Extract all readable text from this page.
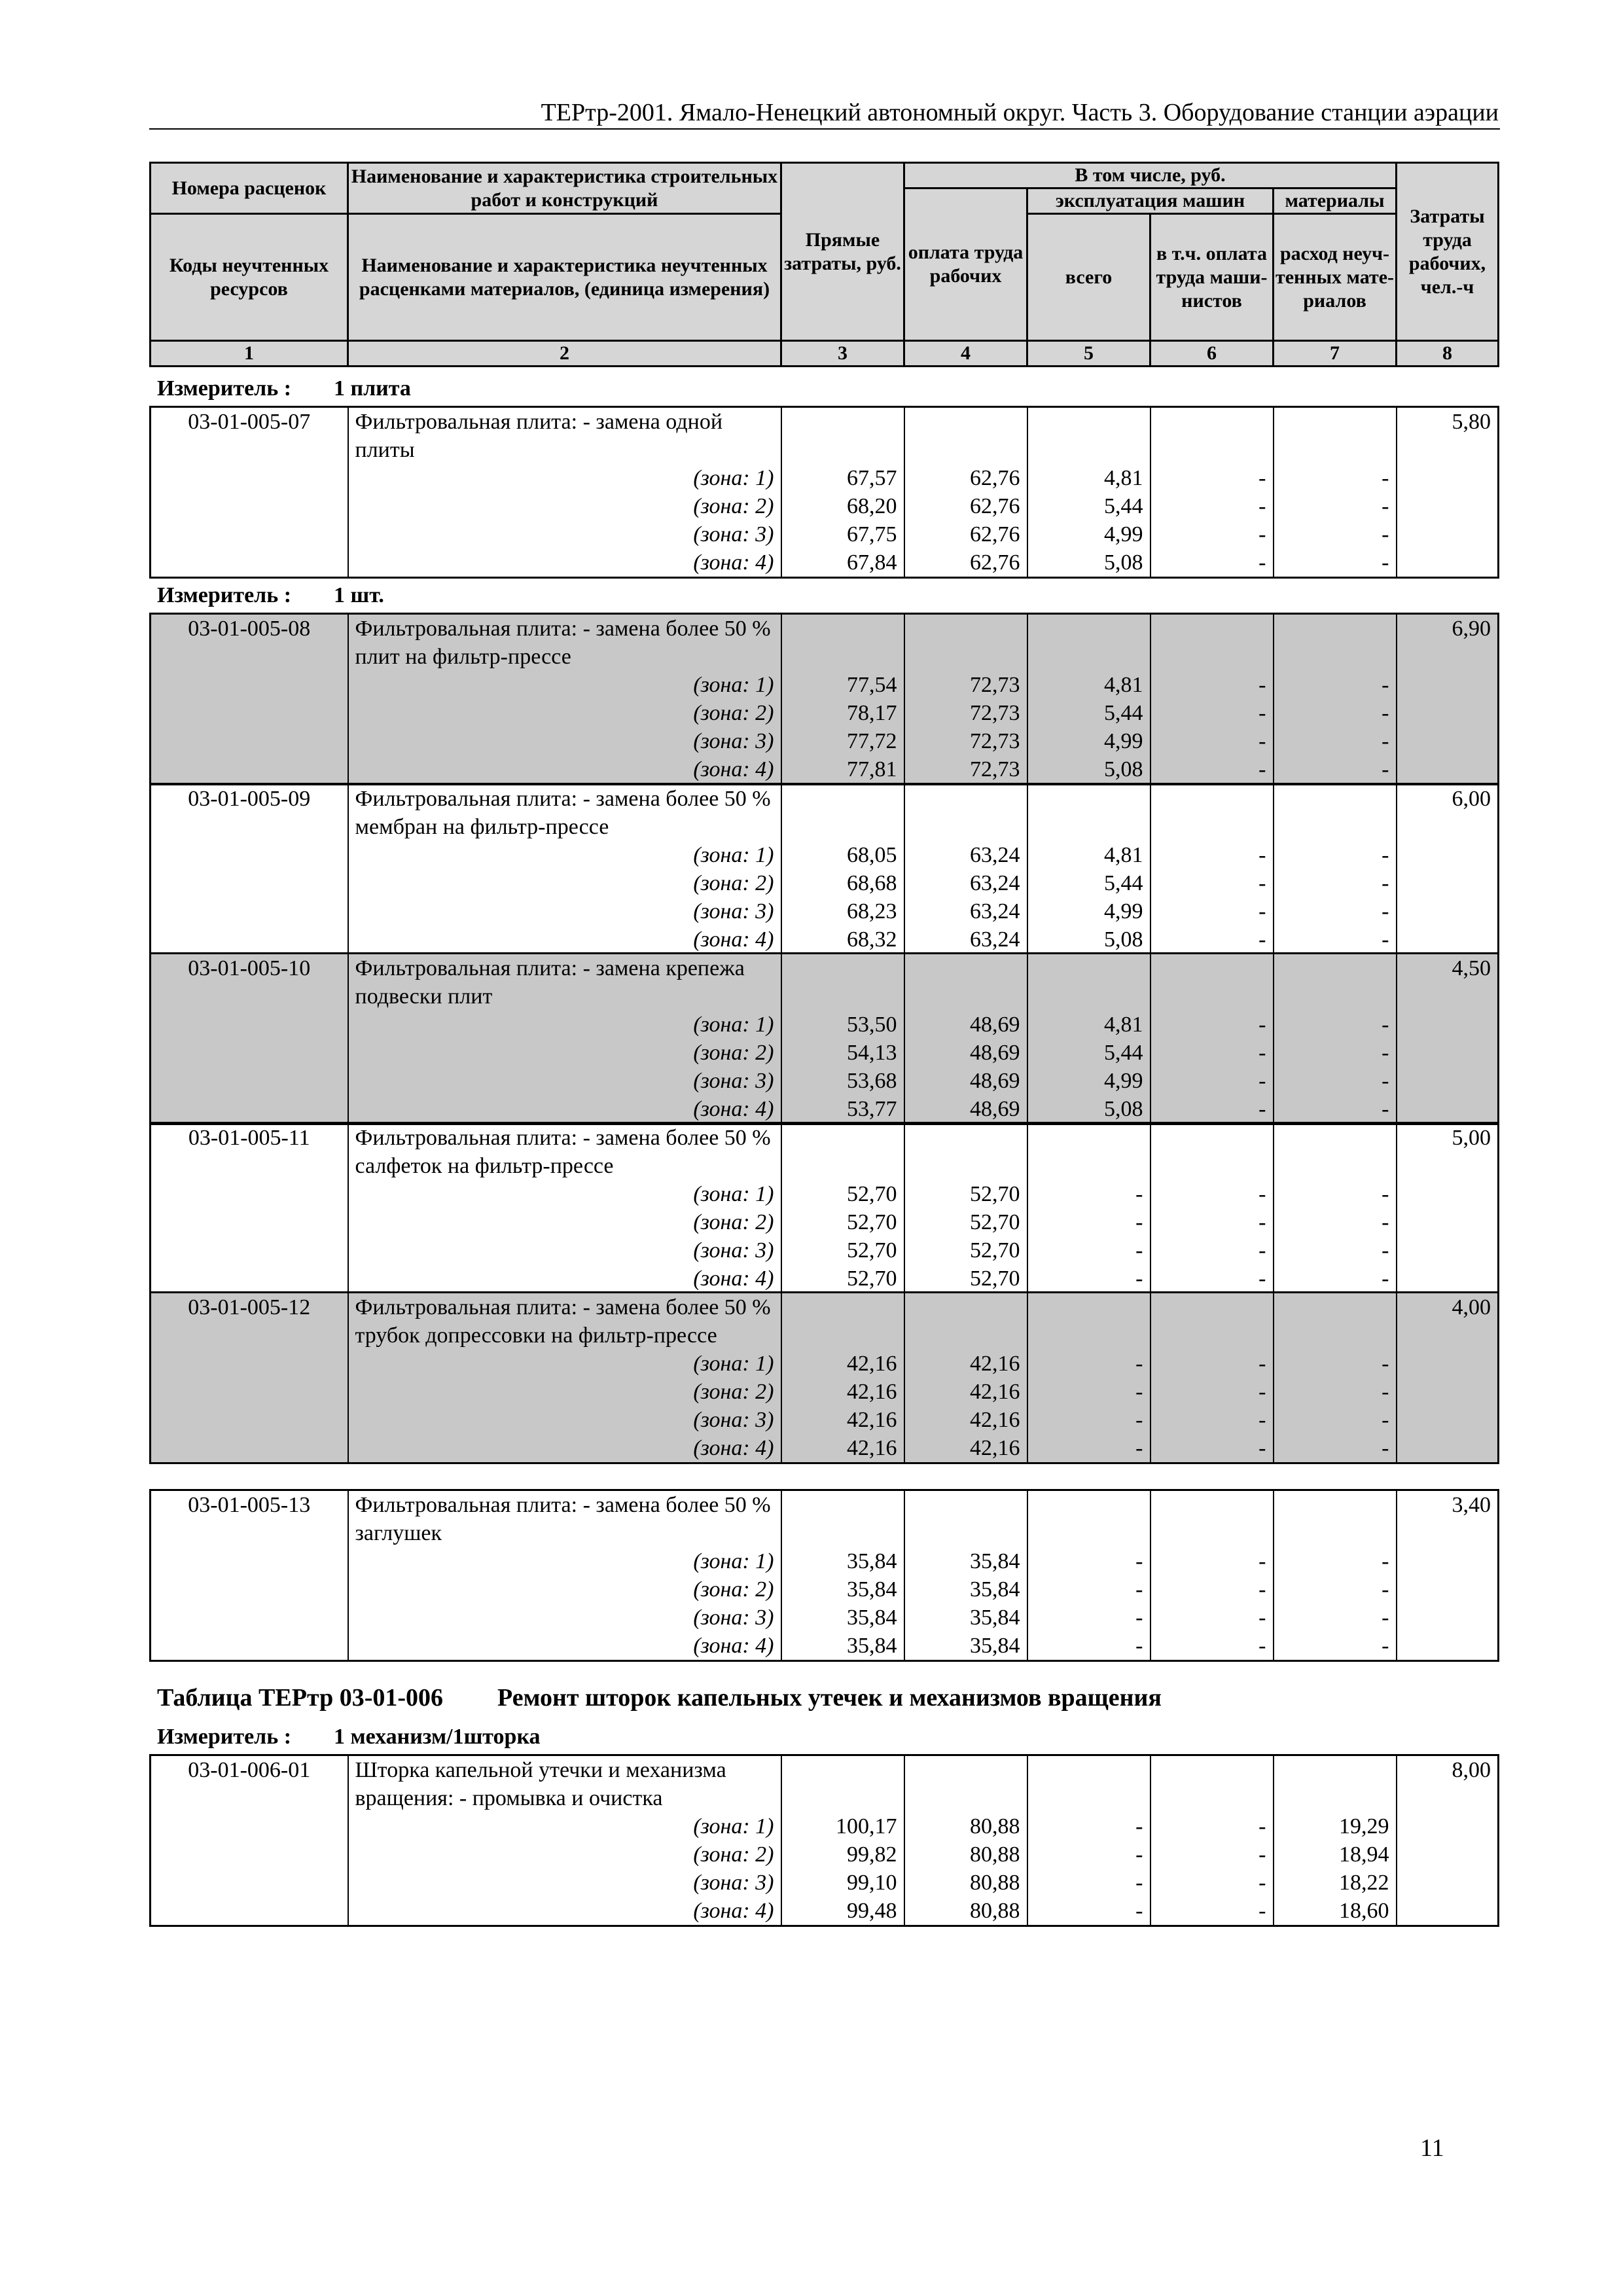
ТЕРтр-2001. Ямало-Ненецкий автономный округ. Часть 3. Оборудование станции аэрации
Номера расценок	Наименование и характеристика строительных работ и конструкций	Прямые затраты, руб.	В том числе, руб.				Затраты труда рабочих, чел.-ч
			оплата труда рабочих	эксплуатация машин		материалы	
Коды неучтенных ресурсов	Наименование и характеристика неучтенных расценками материалов, (единица измерения)			всего	в т.ч. оплата труда маши-нистов	расход неуч-тенных мате-риалов	

1	2	3	4	5	6	7	8
Измеритель : 1 плита
Измеритель : 1 шт.
Таблица ТЕРтр 03-01-006 Ремонт шторок капельных утечек и механизмов вращения
Измеритель : 1 механизм/1шторка
03-01-005-07	Фильтровальная плита: - замена одной плиты						5,80
	(зона: 1)	67,57	62,76	4,81	-	-	
	(зона: 2)	68,20	62,76	5,44	-	-	
	(зона: 3)	67,75	62,76	4,99	-	-	
	(зона: 4)	67,84	62,76	5,08	-	-	
03-01-005-08	Фильтровальная плита: - замена более 50 % плит на фильтр-прессе						6,90
	(зона: 1)	77,54	72,73	4,81	-	-	
	(зона: 2)	78,17	72,73	5,44	-	-	
	(зона: 3)	77,72	72,73	4,99	-	-	
	(зона: 4)	77,81	72,73	5,08	-	-	
03-01-005-09	Фильтровальная плита: - замена более 50 % мембран на фильтр-прессе						6,00
	(зона: 1)	68,05	63,24	4,81	-	-	
	(зона: 2)	68,68	63,24	5,44	-	-	
	(зона: 3)	68,23	63,24	4,99	-	-	
	(зона: 4)	68,32	63,24	5,08	-	-	
03-01-005-10	Фильтровальная плита: - замена крепежа подвески плит						4,50
	(зона: 1)	53,50	48,69	4,81	-	-	
	(зона: 2)	54,13	48,69	5,44	-	-	
	(зона: 3)	53,68	48,69	4,99	-	-	
	(зона: 4)	53,77	48,69	5,08	-	-	
03-01-005-11	Фильтровальная плита: - замена более 50 % салфеток на фильтр-прессе						5,00
	(зона: 1)	52,70	52,70	-	-	-	
	(зона: 2)	52,70	52,70	-	-	-	
	(зона: 3)	52,70	52,70	-	-	-	
	(зона: 4)	52,70	52,70	-	-	-	
03-01-005-12	Фильтровальная плита: - замена более 50 % трубок допрессовки на фильтр-прессе						4,00

	(зона: 1)	42,16	42,16	-	-	-	
	(зона: 2)	42,16	42,16	-	-	-	
	(зона: 3)	42,16	42,16	-	-	-	
	(зона: 4)	42,16	42,16	-	-	-	
03-01-005-13	Фильтровальная плита: - замена более 50 % заглушек						3,40
	(зона: 1)	35,84	35,84	-	-	-	
	(зона: 2)	35,84	35,84	-	-	-	
	(зона: 3)	35,84	35,84	-	-	-	
	(зона: 4)	35,84	35,84	-	-	-	
03-01-006-01	Шторка капельной утечки и механизма вращения: - промывка и очистка						8,00
	(зона: 1)	100,17	80,88	-	-	19,29	
	(зона: 2)	99,82	80,88	-	-	18,94	
	(зона: 3)	99,10	80,88	-	-	18,22	
	(зона: 4)	99,48	80,88	-	-	18,60	
11
